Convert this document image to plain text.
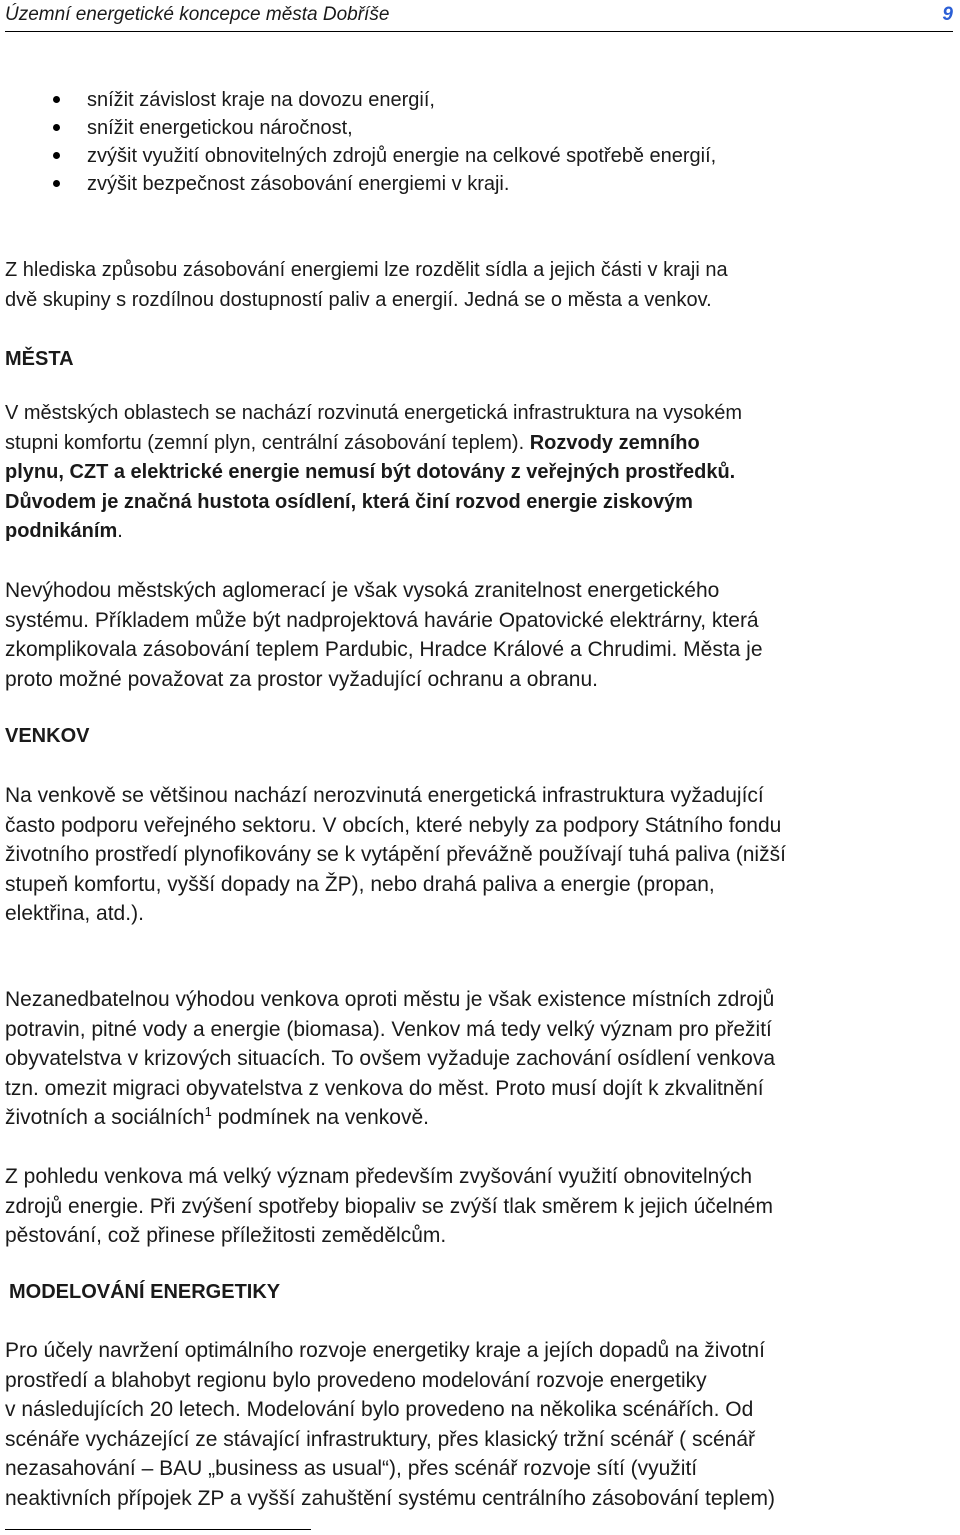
Územní energetické koncepce města Dobříše	9
snížit závislost kraje na dovozu energií,
snížit energetickou náročnost,
zvýšit využití obnovitelných zdrojů energie na celkové spotřebě energií,
zvýšit bezpečnost zásobování energiemi v kraji.

Z hlediska způsobu zásobování energiemi lze rozdělit sídla a jejich části v kraji na
dvě skupiny s rozdílnou dostupností paliv a energií. Jedná se o města a venkov.

MĚSTA

V městských oblastech se nachází rozvinutá energetická infrastruktura na vysokém
stupni komfortu (zemní plyn, centrální zásobování teplem). Rozvody zemního
plynu, CZT a elektrické energie nemusí být dotovány z veřejných prostředků.
Důvodem je značná hustota osídlení, která činí rozvod energie ziskovým
podnikáním.

Nevýhodou městských aglomerací je však vysoká zranitelnost energetického
systému. Příkladem může být nadprojektová havárie Opatovické elektrárny, která
zkomplikovala zásobování teplem Pardubic, Hradce Králové a Chrudimi. Města je
proto možné považovat za prostor vyžadující ochranu a obranu.

VENKOV

Na venkově se většinou nachází nerozvinutá energetická infrastruktura vyžadující
často podporu veřejného sektoru. V obcích, které nebyly za podpory Státního fondu
životního prostředí plynofikovány se k vytápění převážně používají tuhá paliva (nižší
stupeň komfortu, vyšší dopady na ŽP), nebo drahá paliva a energie (propan,
elektřina, atd.).

Nezanedbatelnou výhodou venkova oproti městu je však existence místních zdrojů
potravin, pitné vody a energie (biomasa). Venkov má tedy velký význam pro přežití
obyvatelstva v krizových situacích. To ovšem vyžaduje zachování osídlení venkova
tzn. omezit migraci obyvatelstva z venkova do měst. Proto musí dojít k zkvalitnění
životních a sociálních$^1$ podmínek na venkově.

Z pohledu venkova má velký význam především zvyšování využití obnovitelných
zdrojů energie. Při zvýšení spotřeby biopaliv se zvýší tlak směrem k jejich účelném
pěstování, což přinese příležitosti zemědělcům.

MODELOVÁNÍ ENERGETIKY

Pro účely navržení optimálního rozvoje energetiky kraje a jejích dopadů na životní
prostředí a blahobyt regionu bylo provedeno modelování rozvoje energetiky
v následujících 20 letech. Modelování bylo provedeno na několika scénářích. Od
scénáře vycházející ze stávající infrastruktury, přes klasický tržní scénář ( scénář
nezasahování – BAU „business as usual“), přes scénář rozvoje sítí (využití
neaktivních přípojek ZP a vyšší zahuštění systému centrálního zásobování teplem)
